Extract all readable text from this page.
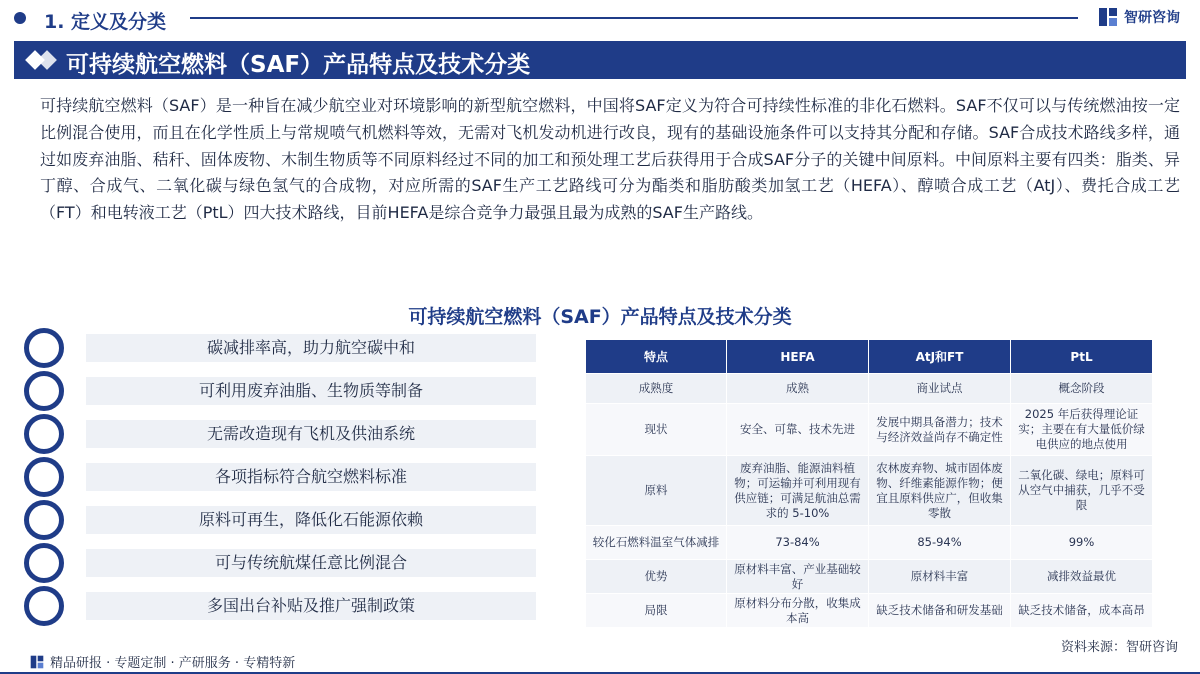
1. 定义及分类	智研咨询
可持续航空燃料（SAF）产品特点及技术分类
可持续航空燃料（SAF）是一种旨在减少航空业对环境影响的新型航空燃料，中国将SAF定义为符合可持续性标准的非化石燃料。SAF不仅可以与传统燃油按一定比例混合使用，而且在化学性质上与常规喷气机燃料等效，无需对飞机发动机进行改良，现有的基础设施条件可以支持其分配和存储。SAF合成技术路线多样，通过如废弃油脂、秸秆、固体废物、木制生物质等不同原料经过不同的加工和预处理工艺后获得用于合成SAF分子的关键中间原料。中间原料主要有四类：脂类、异丁醇、合成气、二氧化碳与绿色氢气的合成物，对应所需的SAF生产工艺路线可分为酯类和脂肪酸类加氢工艺（HEFA）、醇喷合成工艺（AtJ）、费托合成工艺（FT）和电转液工艺（PtL）四大技术路线，目前HEFA是综合竞争力最强且最为成熟的SAF生产路线。
可持续航空燃料（SAF）产品特点及技术分类
碳减排率高，助力航空碳中和
可利用废弃油脂、生物质等制备
无需改造现有飞机及供油系统
各项指标符合航空燃料标准
原料可再生，降低化石能源依赖
可与传统航煤任意比例混合
多国出台补贴及推广强制政策
特点	HEFA	AtJ和FT	PtL
成熟度	成熟	商业试点	概念阶段
现状	安全、可靠、技术先进	发展中期具备潜力；技术与经济效益尚存不确定性	2025 年后获得理论证实；主要在有大量低价绿电供应的地点使用
原料	废弃油脂、能源油料植物；可运输并可利用现有供应链；可满足航油总需求的 5-10%	农林废弃物、城市固体废物、纤维素能源作物；便宜且原料供应广，但收集零散	二氧化碳、绿电；原料可从空气中捕获，几乎不受限
较化石燃料温室气体减排	73-84%	85-94%	99%
优势	原材料丰富、产业基础较好	原材料丰富	减排效益最优
局限	原材料分布分散，收集成本高	缺乏技术储备和研发基础	缺乏技术储备，成本高昂
精品研报 · 专题定制 · 产研服务 · 专精特新
资料来源：智研咨询
